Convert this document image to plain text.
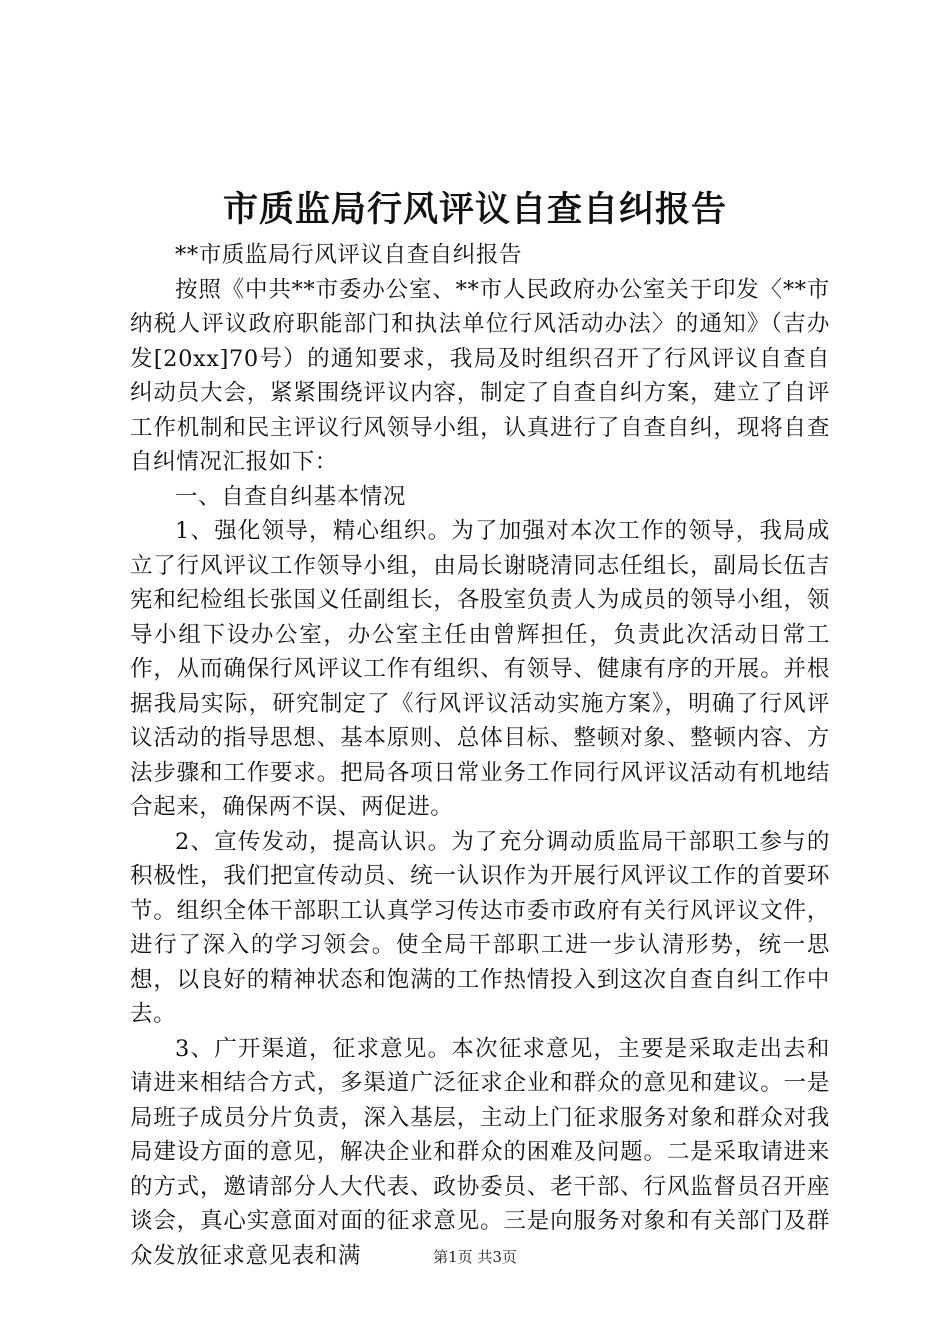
市质监局行风评议自查自纠报告

**市质监局行风评议自查自纠报告

按照《中共**市委办公室、**市人民政府办公室关于印发〈**市纳税人评议政府职能部门和执法单位行风活动办法〉的通知》（吉办发[20xx]70号）的通知要求，我局及时组织召开了行风评议自查自纠动员大会，紧紧围绕评议内容，制定了自查自纠方案，建立了自评工作机制和民主评议行风领导小组，认真进行了自查自纠，现将自查自纠情况汇报如下：

一、自查自纠基本情况

1、强化领导，精心组织。为了加强对本次工作的领导，我局成立了行风评议工作领导小组，由局长谢晓清同志任组长，副局长伍吉宪和纪检组长张国义任副组长，各股室负责人为成员的领导小组，领导小组下设办公室，办公室主任由曾辉担任，负责此次活动日常工作，从而确保行风评议工作有组织、有领导、健康有序的开展。并根据我局实际，研究制定了《行风评议活动实施方案》，明确了行风评议活动的指导思想、基本原则、总体目标、整顿对象、整顿内容、方法步骤和工作要求。把局各项日常业务工作同行风评议活动有机地结合起来，确保两不误、两促进。

2、宣传发动，提高认识。为了充分调动质监局干部职工参与的积极性，我们把宣传动员、统一认识作为开展行风评议工作的首要环节。组织全体干部职工认真学习传达市委市政府有关行风评议文件，进行了深入的学习领会。使全局干部职工进一步认清形势，统一思想，以良好的精神状态和饱满的工作热情投入到这次自查自纠工作中去。

3、广开渠道，征求意见。本次征求意见，主要是采取走出去和请进来相结合方式，多渠道广泛征求企业和群众的意见和建议。一是局班子成员分片负责，深入基层，主动上门征求服务对象和群众对我局建设方面的意见，解决企业和群众的困难及问题。二是采取请进来的方式，邀请部分人大代表、政协委员、老干部、行风监督员召开座谈会，真心实意面对面的征求意见。三是向服务对象和有关部门及群众发放征求意见表和满	第1页 共3页
